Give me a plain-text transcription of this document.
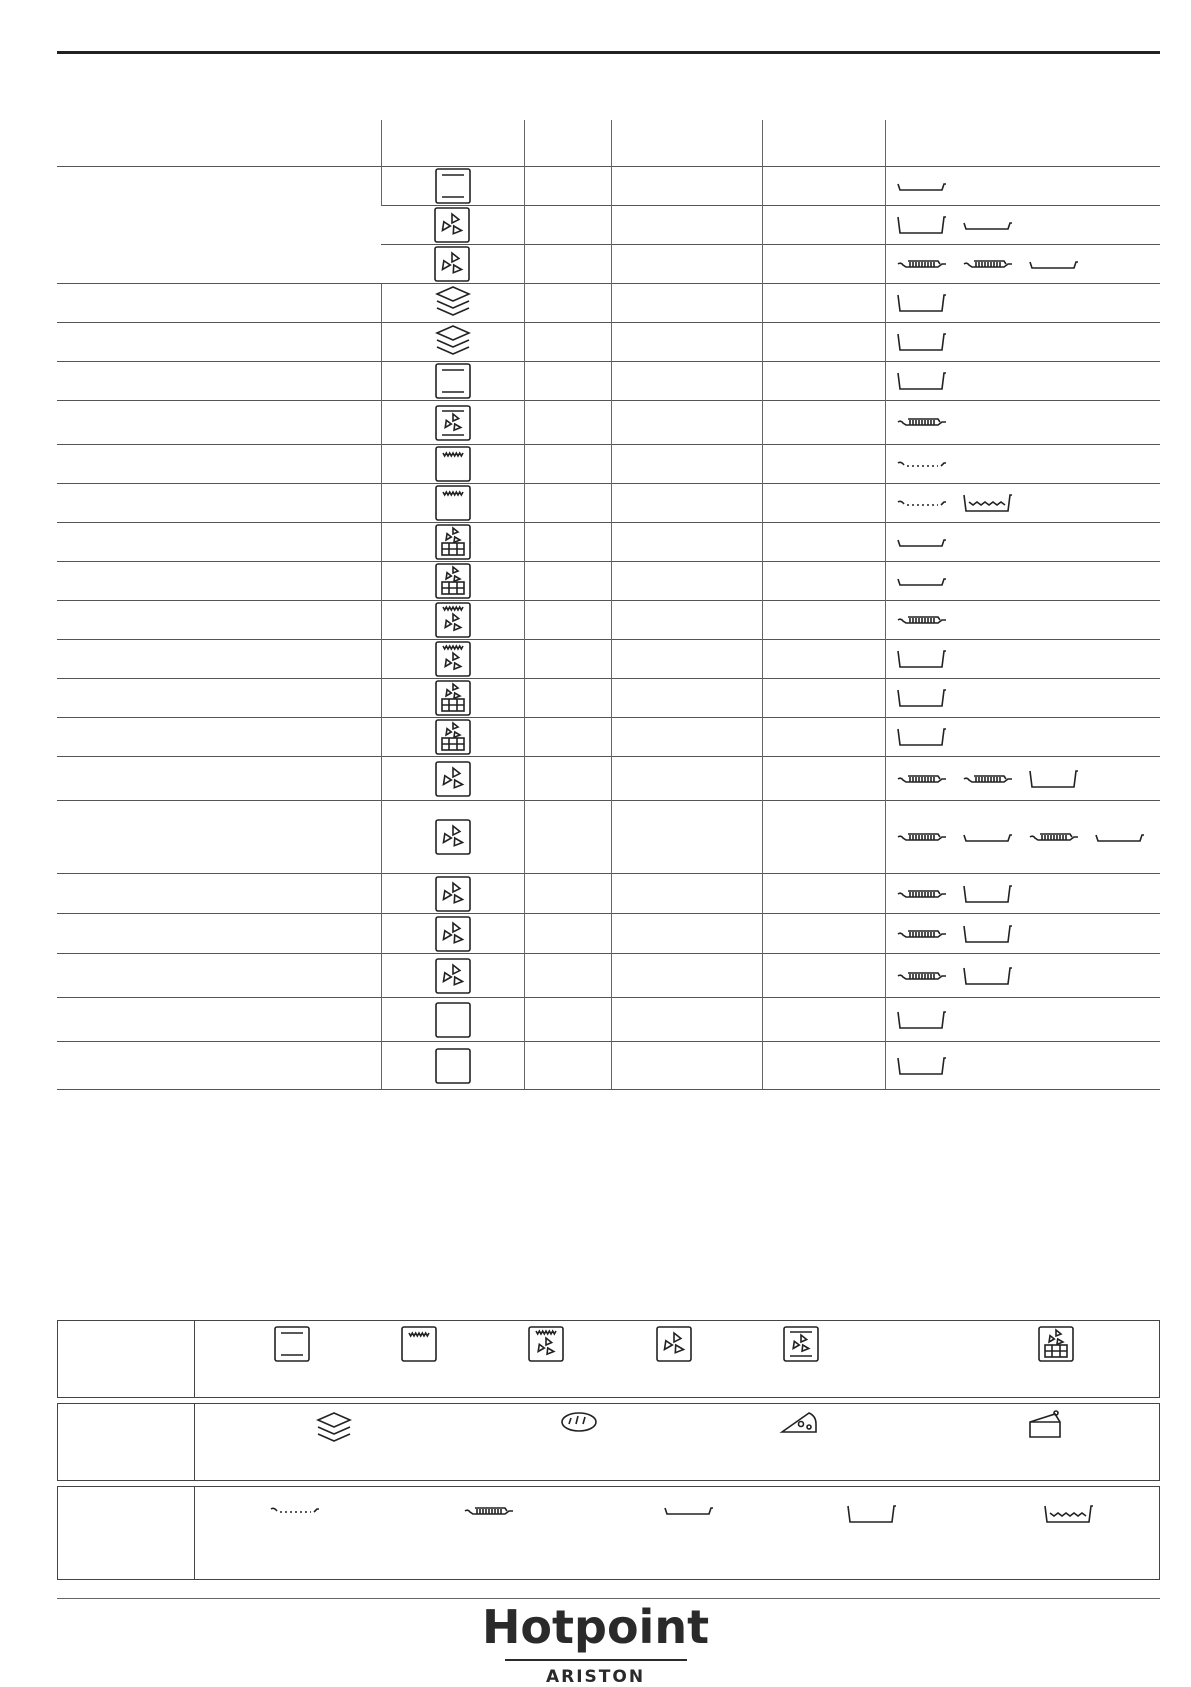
Hotpoint
ARISTON
